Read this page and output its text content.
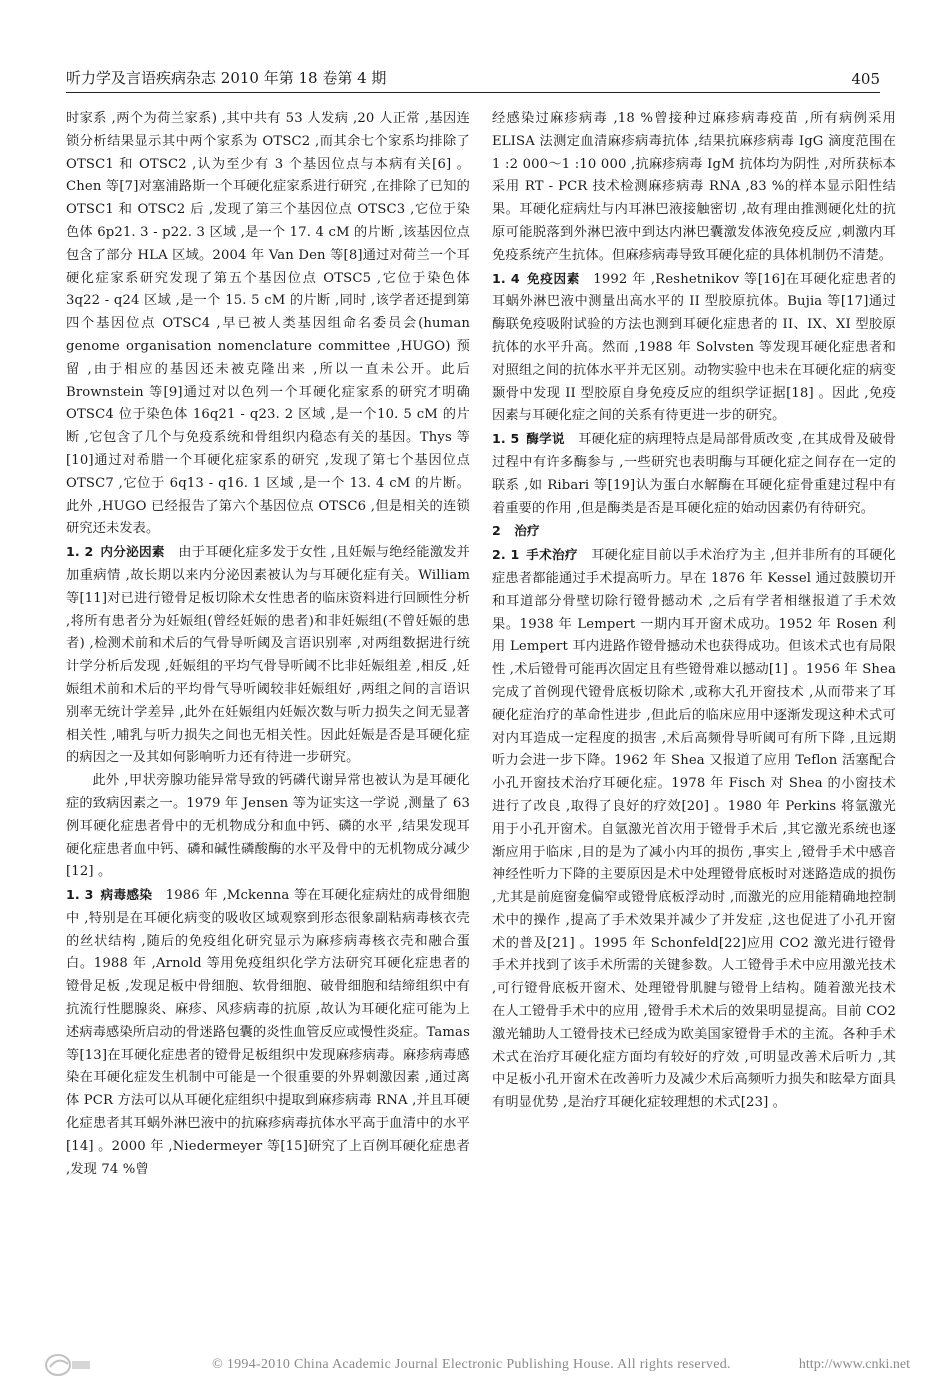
听力学及言语疾病杂志 2010 年第 18 卷第 4 期	405

时家系 ,两个为荷兰家系) ,其中共有 53 人发病 ,20 人正常 ,基因连锁分析结果显示其中两个家系为 OTSC2 ,而其余七个家系均排除了 OTSC1 和 OTSC2 ,认为至少有 3 个基因位点与本病有关[6] 。Chen 等[7]对塞浦路斯一个耳硬化症家系进行研究 ,在排除了已知的 OTSC1 和 OTSC2 后 ,发现了第三个基因位点 OTSC3 ,它位于染色体 6p21. 3 - p22. 3 区域 ,是一个 17. 4 cM 的片断 ,该基因位点包含了部分 HLA 区域。2004 年 Van Den 等[8]通过对荷兰一个耳硬化症家系研究发现了第五个基因位点 OTSC5 ,它位于染色体 3q22 - q24 区域 ,是一个 15. 5 cM 的片断 ,同时 ,该学者还提到第四个基因位点 OTSC4 ,早已被人类基因组命名委员会(human genome organisation nomenclature committee ,HUGO) 预留 ,由于相应的基因还未被克隆出来 ,所以一直未公开。此后 Brownstein 等[9]通过对以色列一个耳硬化症家系的研究才明确 OTSC4 位于染色体 16q21 - q23. 2 区域 ,是一个10. 5 cM 的片断 ,它包含了几个与免疫系统和骨组织内稳态有关的基因。Thys 等[10]通过对希腊一个耳硬化症家系的研究 ,发现了第七个基因位点 OTSC7 ,它位于 6q13 - q16. 1 区域 ,是一个 13. 4 cM 的片断。此外 ,HUGO 已经报告了第六个基因位点 OTSC6 ,但是相关的连锁研究还未发表。

1. 2  内分泌因素  由于耳硬化症多发于女性 ,且妊娠与绝经能激发并加重病情 ,故长期以来内分泌因素被认为与耳硬化症有关。William 等[11]对已进行镫骨足板切除术女性患者的临床资料进行回顾性分析 ,将所有患者分为妊娠组(曾经妊娠的患者)和非妊娠组(不曾妊娠的患者) ,检测术前和术后的气骨导听阈及言语识别率 ,对两组数据进行统计学分析后发现 ,妊娠组的平均气骨导听阈不比非妊娠组差 ,相反 ,妊娠组术前和术后的平均骨气导听阈较非妊娠组好 ,两组之间的言语识别率无统计学差异 ,此外在妊娠组内妊娠次数与听力损失之间无显著相关性 ,哺乳与听力损失之间也无相关性。因此妊娠是否是耳硬化症的病因之一及其如何影响听力还有待进一步研究。

此外 ,甲状旁腺功能异常导致的钙磷代谢异常也被认为是耳硬化症的致病因素之一。1979 年 Jensen 等为证实这一学说 ,测量了 63 例耳硬化症患者骨中的无机物成分和血中钙、磷的水平 ,结果发现耳硬化症患者血中钙、磷和碱性磷酸酶的水平及骨中的无机物成分减少[12] 。

1. 3  病毒感染  1986 年 ,Mckenna 等在耳硬化症病灶的成骨细胞中 ,特别是在耳硬化病变的吸收区域观察到形态很象副粘病毒核衣壳的丝状结构 ,随后的免疫组化研究显示为麻疹病毒核衣壳和融合蛋白。1988 年 ,Arnold 等用免疫组织化学方法研究耳硬化症患者的镫骨足板 ,发现足板中骨细胞、软骨细胞、破骨细胞和结缔组织中有抗流行性腮腺炎、麻疹、风疹病毒的抗原 ,故认为耳硬化症可能为上述病毒感染所启动的骨迷路包囊的炎性血管反应或慢性炎症。Tamas 等[13]在耳硬化症患者的镫骨足板组织中发现麻疹病毒。麻疹病毒感染在耳硬化症发生机制中可能是一个很重要的外界刺激因素 ,通过离体 PCR 方法可以从耳硬化症组织中提取到麻疹病毒 RNA ,并且耳硬化症患者其耳蜗外淋巴液中的抗麻疹病毒抗体水平高于血清中的水平[14] 。2000 年 ,Niedermeyer 等[15]研究了上百例耳硬化症患者 ,发现 74 %曾

经感染过麻疹病毒 ,18 %曾接种过麻疹病毒疫苗 ,所有病例采用 ELISA 法测定血清麻疹病毒抗体 ,结果抗麻疹病毒 IgG 滴度范围在 1 :2 000～1 :10 000 ,抗麻疹病毒 IgM 抗体均为阴性 ,对所获标本采用 RT - PCR 技术检测麻疹病毒 RNA ,83 %的样本显示阳性结果。耳硬化症病灶与内耳淋巴液接触密切 ,故有理由推测硬化灶的抗原可能脱落到外淋巴液中到达内淋巴囊激发体液免疫反应 ,刺激内耳免疫系统产生抗体。但麻疹病毒导致耳硬化症的具体机制仍不清楚。

1. 4  免疫因素  1992 年 ,Reshetnikov 等[16]在耳硬化症患者的耳蜗外淋巴液中测量出高水平的 II 型胶原抗体。Bujia 等[17]通过酶联免疫吸附试验的方法也测到耳硬化症患者的 II、IX、XI 型胶原抗体的水平升高。然而 ,1988 年 Solvsten 等发现耳硬化症患者和对照组之间的抗体水平并无区别。动物实验中也未在耳硬化症的病变颞骨中发现 II 型胶原自身免疫反应的组织学证据[18] 。因此 ,免疫因素与耳硬化症之间的关系有待更进一步的研究。

1. 5  酶学说  耳硬化症的病理特点是局部骨质改变 ,在其成骨及破骨过程中有许多酶参与 ,一些研究也表明酶与耳硬化症之间存在一定的联系 ,如 Ribari 等[19]认为蛋白水解酶在耳硬化症骨重建过程中有着重要的作用 ,但是酶类是否是耳硬化症的始动因素仍有待研究。

2  治疗

2. 1  手术治疗  耳硬化症目前以手术治疗为主 ,但并非所有的耳硬化症患者都能通过手术提高听力。早在 1876 年 Kessel 通过鼓膜切开和耳道部分骨壁切除行镫骨撼动术 ,之后有学者相继报道了手术效果。1938 年 Lempert 一期内耳开窗术成功。1952 年 Rosen 利用 Lempert 耳内进路作镫骨撼动术也获得成功。但该术式也有局限性 ,术后镫骨可能再次固定且有些镫骨难以撼动[1] 。1956 年 Shea 完成了首例现代镫骨底板切除术 ,或称大孔开窗技术 ,从而带来了耳硬化症治疗的革命性进步 ,但此后的临床应用中逐渐发现这种术式可对内耳造成一定程度的损害 ,术后高频骨导听阈可有所下降 ,且远期听力会进一步下降。1962 年 Shea 又报道了应用 Teflon 活塞配合小孔开窗技术治疗耳硬化症。1978 年 Fisch 对 Shea 的小窗技术进行了改良 ,取得了良好的疗效[20] 。1980 年 Perkins 将氩激光用于小孔开窗术。自氩激光首次用于镫骨手术后 ,其它激光系统也逐渐应用于临床 ,目的是为了减小内耳的损伤 ,事实上 ,镫骨手术中感音神经性听力下降的主要原因是术中处理镫骨底板时对迷路造成的损伤 ,尤其是前庭窗龛偏窄或镫骨底板浮动时 ,而激光的应用能精确地控制术中的操作 ,提高了手术效果并减少了并发症 ,这也促进了小孔开窗术的普及[21] 。1995 年 Schonfeld[22]应用 CO2 激光进行镫骨手术并找到了该手术所需的关键参数。人工镫骨手术中应用激光技术 ,可行镫骨底板开窗术、处理镫骨肌腱与镫骨上结构。随着激光技术在人工镫骨手术中的应用 ,镫骨手术术后的效果明显提高。目前 CO2 激光辅助人工镫骨技术已经成为欧美国家镫骨手术的主流。各种手术术式在治疗耳硬化症方面均有较好的疗效 ,可明显改善术后听力 ,其中足板小孔开窗术在改善听力及减少术后高频听力损失和眩晕方面具有明显优势 ,是治疗耳硬化症较理想的术式[23] 。

© 1994-2010 China Academic Journal Electronic Publishing House. All rights reserved.	http://www.cnki.net
